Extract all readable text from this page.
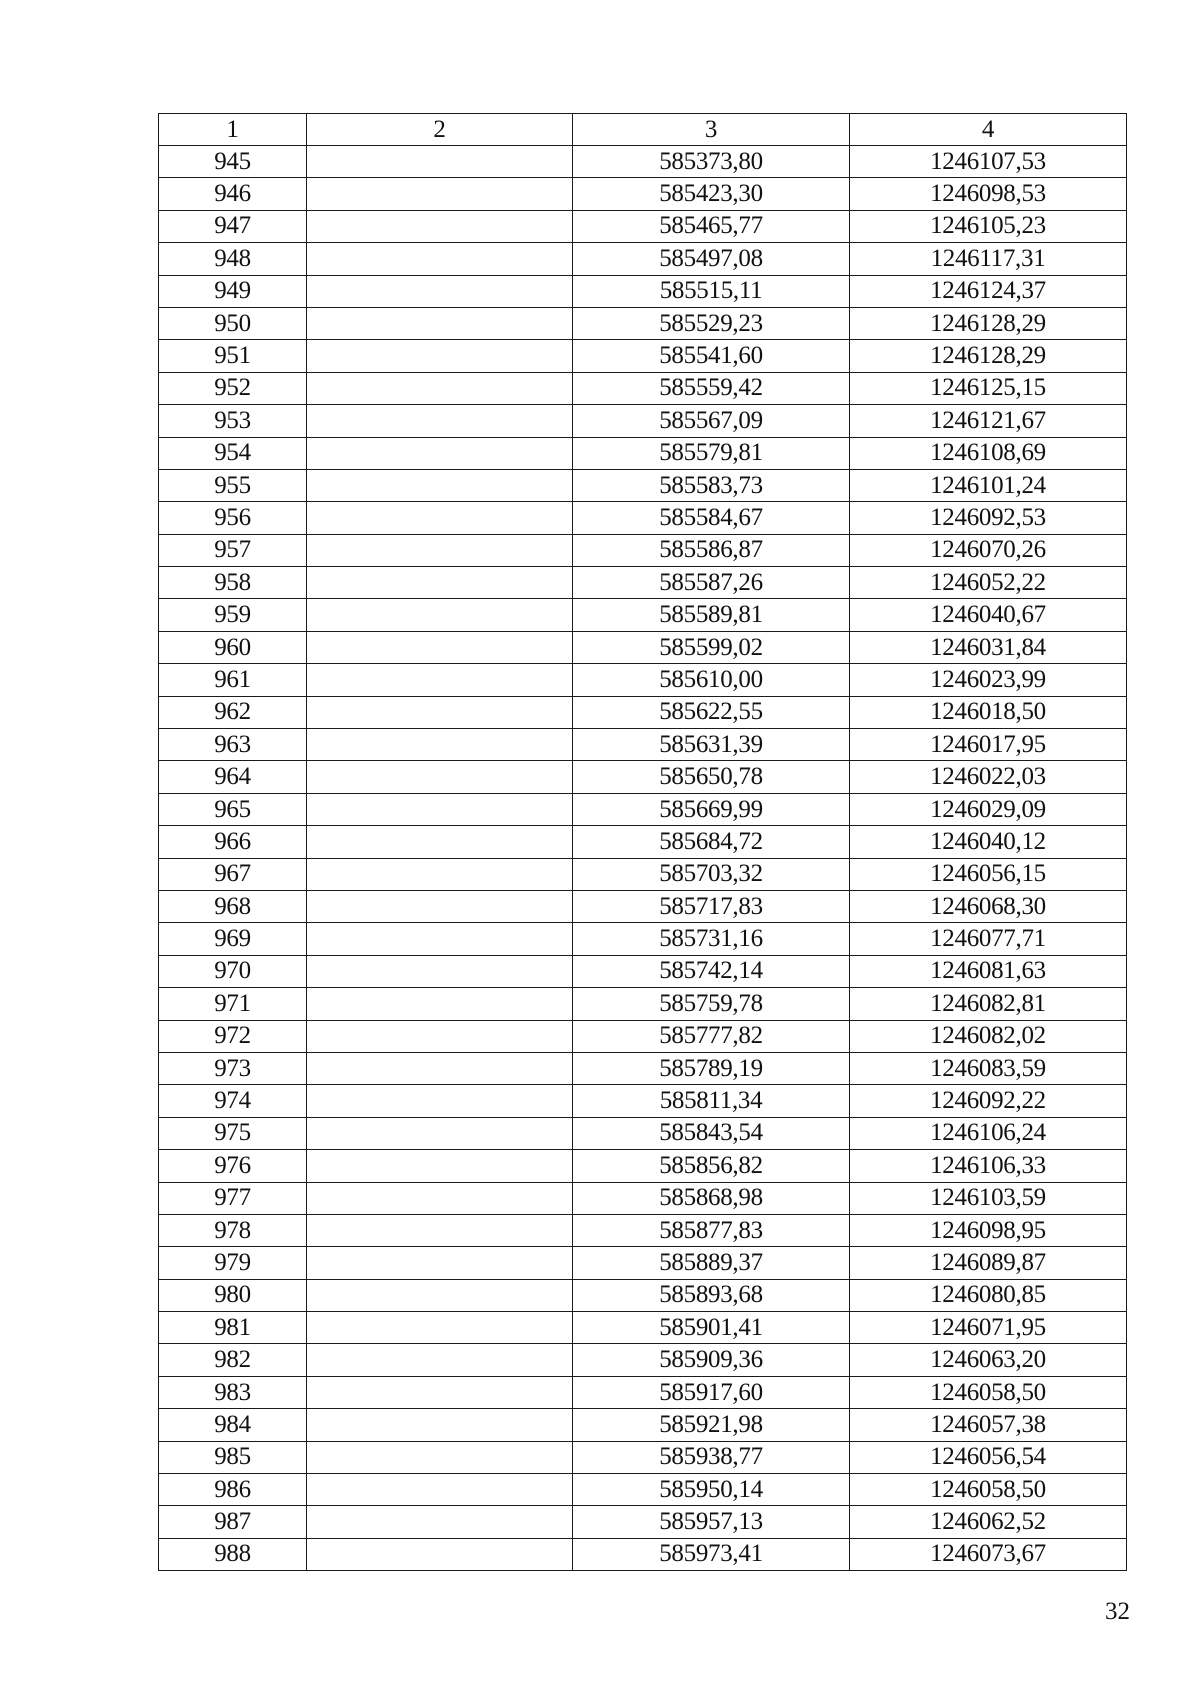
1	2	3	4
945		585373,80	1246107,53
946		585423,30	1246098,53
947		585465,77	1246105,23
948		585497,08	1246117,31
949		585515,11	1246124,37
950		585529,23	1246128,29
951		585541,60	1246128,29
952		585559,42	1246125,15
953		585567,09	1246121,67
954		585579,81	1246108,69
955		585583,73	1246101,24
956		585584,67	1246092,53
957		585586,87	1246070,26
958		585587,26	1246052,22
959		585589,81	1246040,67
960		585599,02	1246031,84
961		585610,00	1246023,99
962		585622,55	1246018,50
963		585631,39	1246017,95
964		585650,78	1246022,03
965		585669,99	1246029,09
966		585684,72	1246040,12
967		585703,32	1246056,15
968		585717,83	1246068,30
969		585731,16	1246077,71
970		585742,14	1246081,63
971		585759,78	1246082,81
972		585777,82	1246082,02
973		585789,19	1246083,59
974		585811,34	1246092,22
975		585843,54	1246106,24
976		585856,82	1246106,33
977		585868,98	1246103,59
978		585877,83	1246098,95
979		585889,37	1246089,87
980		585893,68	1246080,85
981		585901,41	1246071,95
982		585909,36	1246063,20
983		585917,60	1246058,50
984		585921,98	1246057,38
985		585938,77	1246056,54
986		585950,14	1246058,50
987		585957,13	1246062,52
988		585973,41	1246073,67
32
